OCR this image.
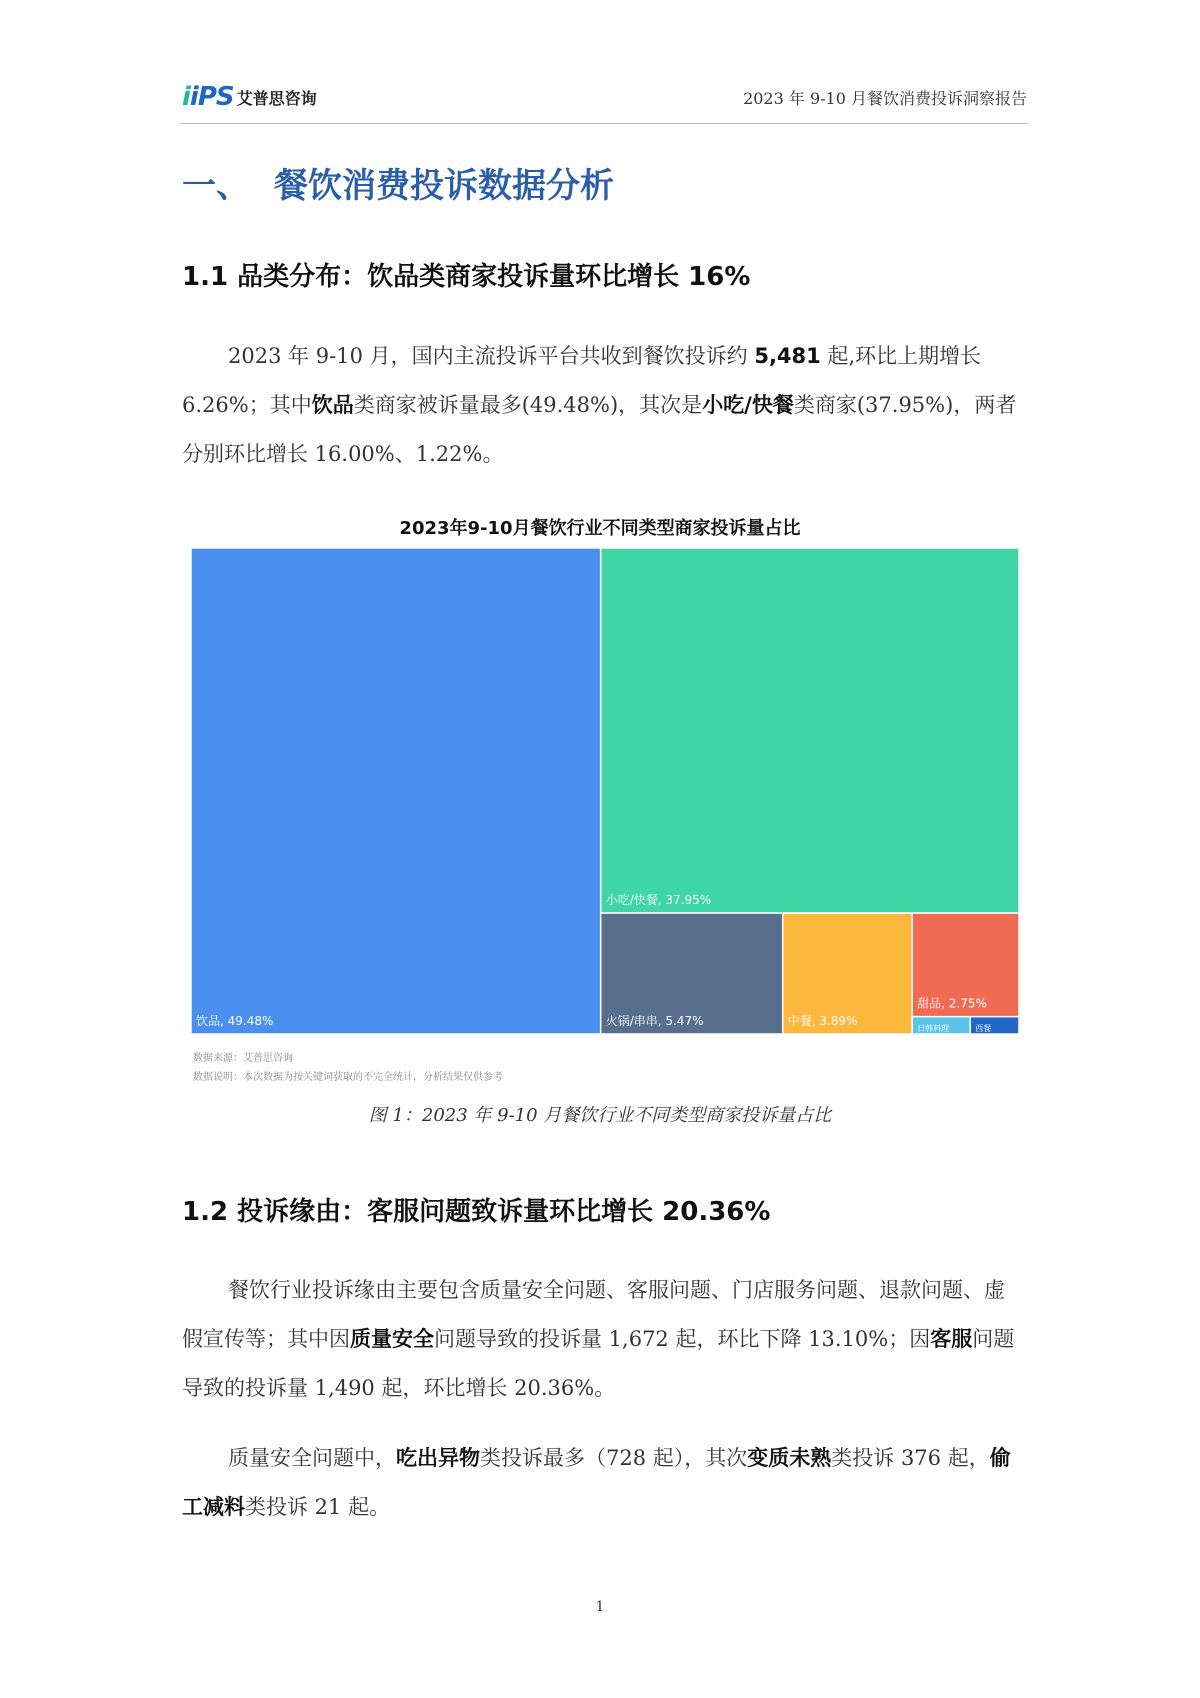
iiPS 艾普思咨询	2023 年 9-10 月餐饮消费投诉洞察报告
一、 餐饮消费投诉数据分析
1.1 品类分布：饮品类商家投诉量环比增长 16%
2023 年 9-10 月，国内主流投诉平台共收到餐饮投诉约 5,481 起,环比上期增长 6.26%；其中饮品类商家被诉量最多(49.48%)，其次是小吃/快餐类商家(37.95%)，两者分别环比增长 16.00%、1.22%。
2023年9-10月餐饮行业不同类型商家投诉量占比
饮品, 49.48%
小吃/快餐, 37.95%
火锅/串串, 5.47%	中餐, 3.89%
甜品, 2.75%
日韩料理	西餐
数据来源：艾普思咨询
数据说明：本次数据为按关键词获取的不完全统计，分析结果仅供参考
图 1：2023 年 9-10 月餐饮行业不同类型商家投诉量占比
1.2 投诉缘由：客服问题致诉量环比增长 20.36%
餐饮行业投诉缘由主要包含质量安全问题、客服问题、门店服务问题、退款问题、虚假宣传等；其中因质量安全问题导致的投诉量 1,672 起，环比下降 13.10%；因客服问题导致的投诉量 1,490 起，环比增长 20.36%。
质量安全问题中，吃出异物类投诉最多（728 起），其次变质未熟类投诉 376 起，偷工减料类投诉 21 起。
1
